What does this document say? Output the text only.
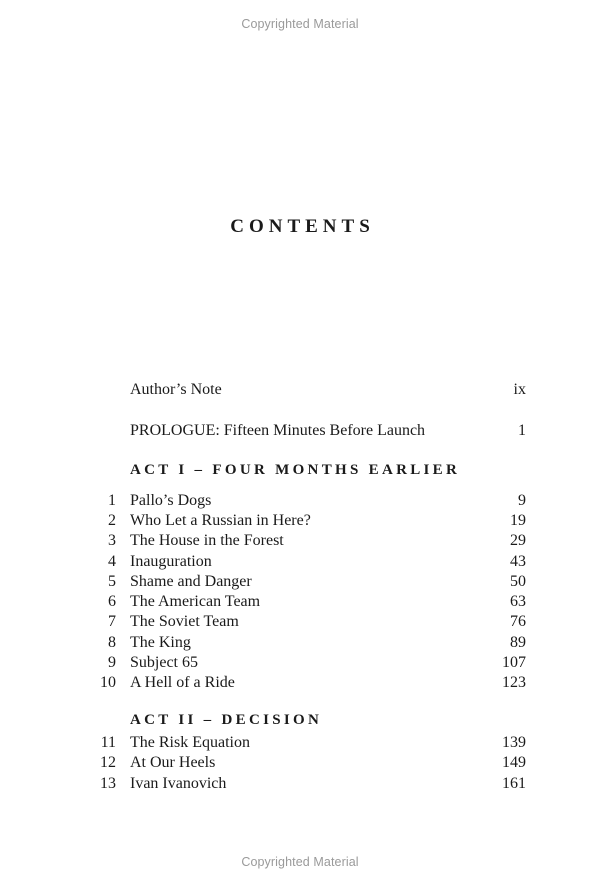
Copyrighted Material
CONTENTS
Author’s Note	ix
PROLOGUE: Fifteen Minutes Before Launch	1
ACT I – FOUR MONTHS EARLIER
1 Pallo’s Dogs	9
2 Who Let a Russian in Here?	19
3 The House in the Forest	29
4 Inauguration	43
5 Shame and Danger	50
6 The American Team	63
7 The Soviet Team	76
8 The King	89
9 Subject 65	107
10 A Hell of a Ride	123
ACT II – DECISION
11 The Risk Equation	139
12 At Our Heels	149
13 Ivan Ivanovich	161
Copyrighted Material
